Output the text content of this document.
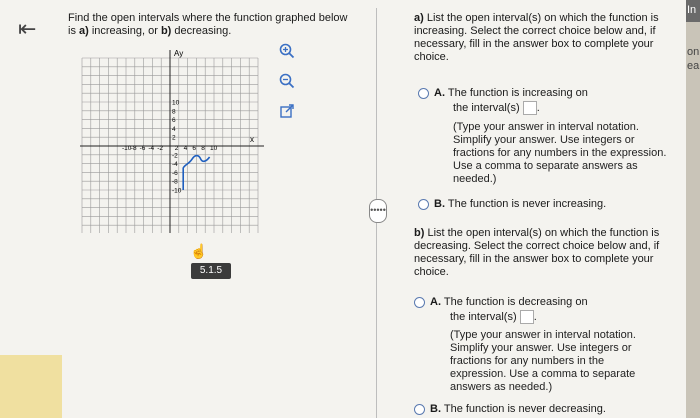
⇤	Find the open intervals where the function graphed below
is a) increasing, or b) decreasing.
-10 -8 -6 -4 -2 2 4 6 8 10
10
8
6
4
2
-2
-4
-6
-8
-10
Ay
x
☝
5.1.5
•••••
a) List the open interval(s) on which the function is increasing. Select the correct choice below and, if necessary, fill in the answer box to complete your choice.
A. The function is increasing on
the interval(s) .
(Type your answer in interval notation. Simplify your answer. Use integers or fractions for any numbers in the expression. Use a comma to separate answers as needed.)
B. The function is never increasing.
b) List the open interval(s) on which the function is decreasing. Select the correct choice below and, if necessary, fill in the answer box to complete your choice.
A. The function is decreasing on
the interval(s) .
(Type your answer in interval notation. Simplify your answer. Use integers or fractions for any numbers in the expression. Use a comma to separate answers as needed.)
B. The function is never decreasing.
In
on
ea
